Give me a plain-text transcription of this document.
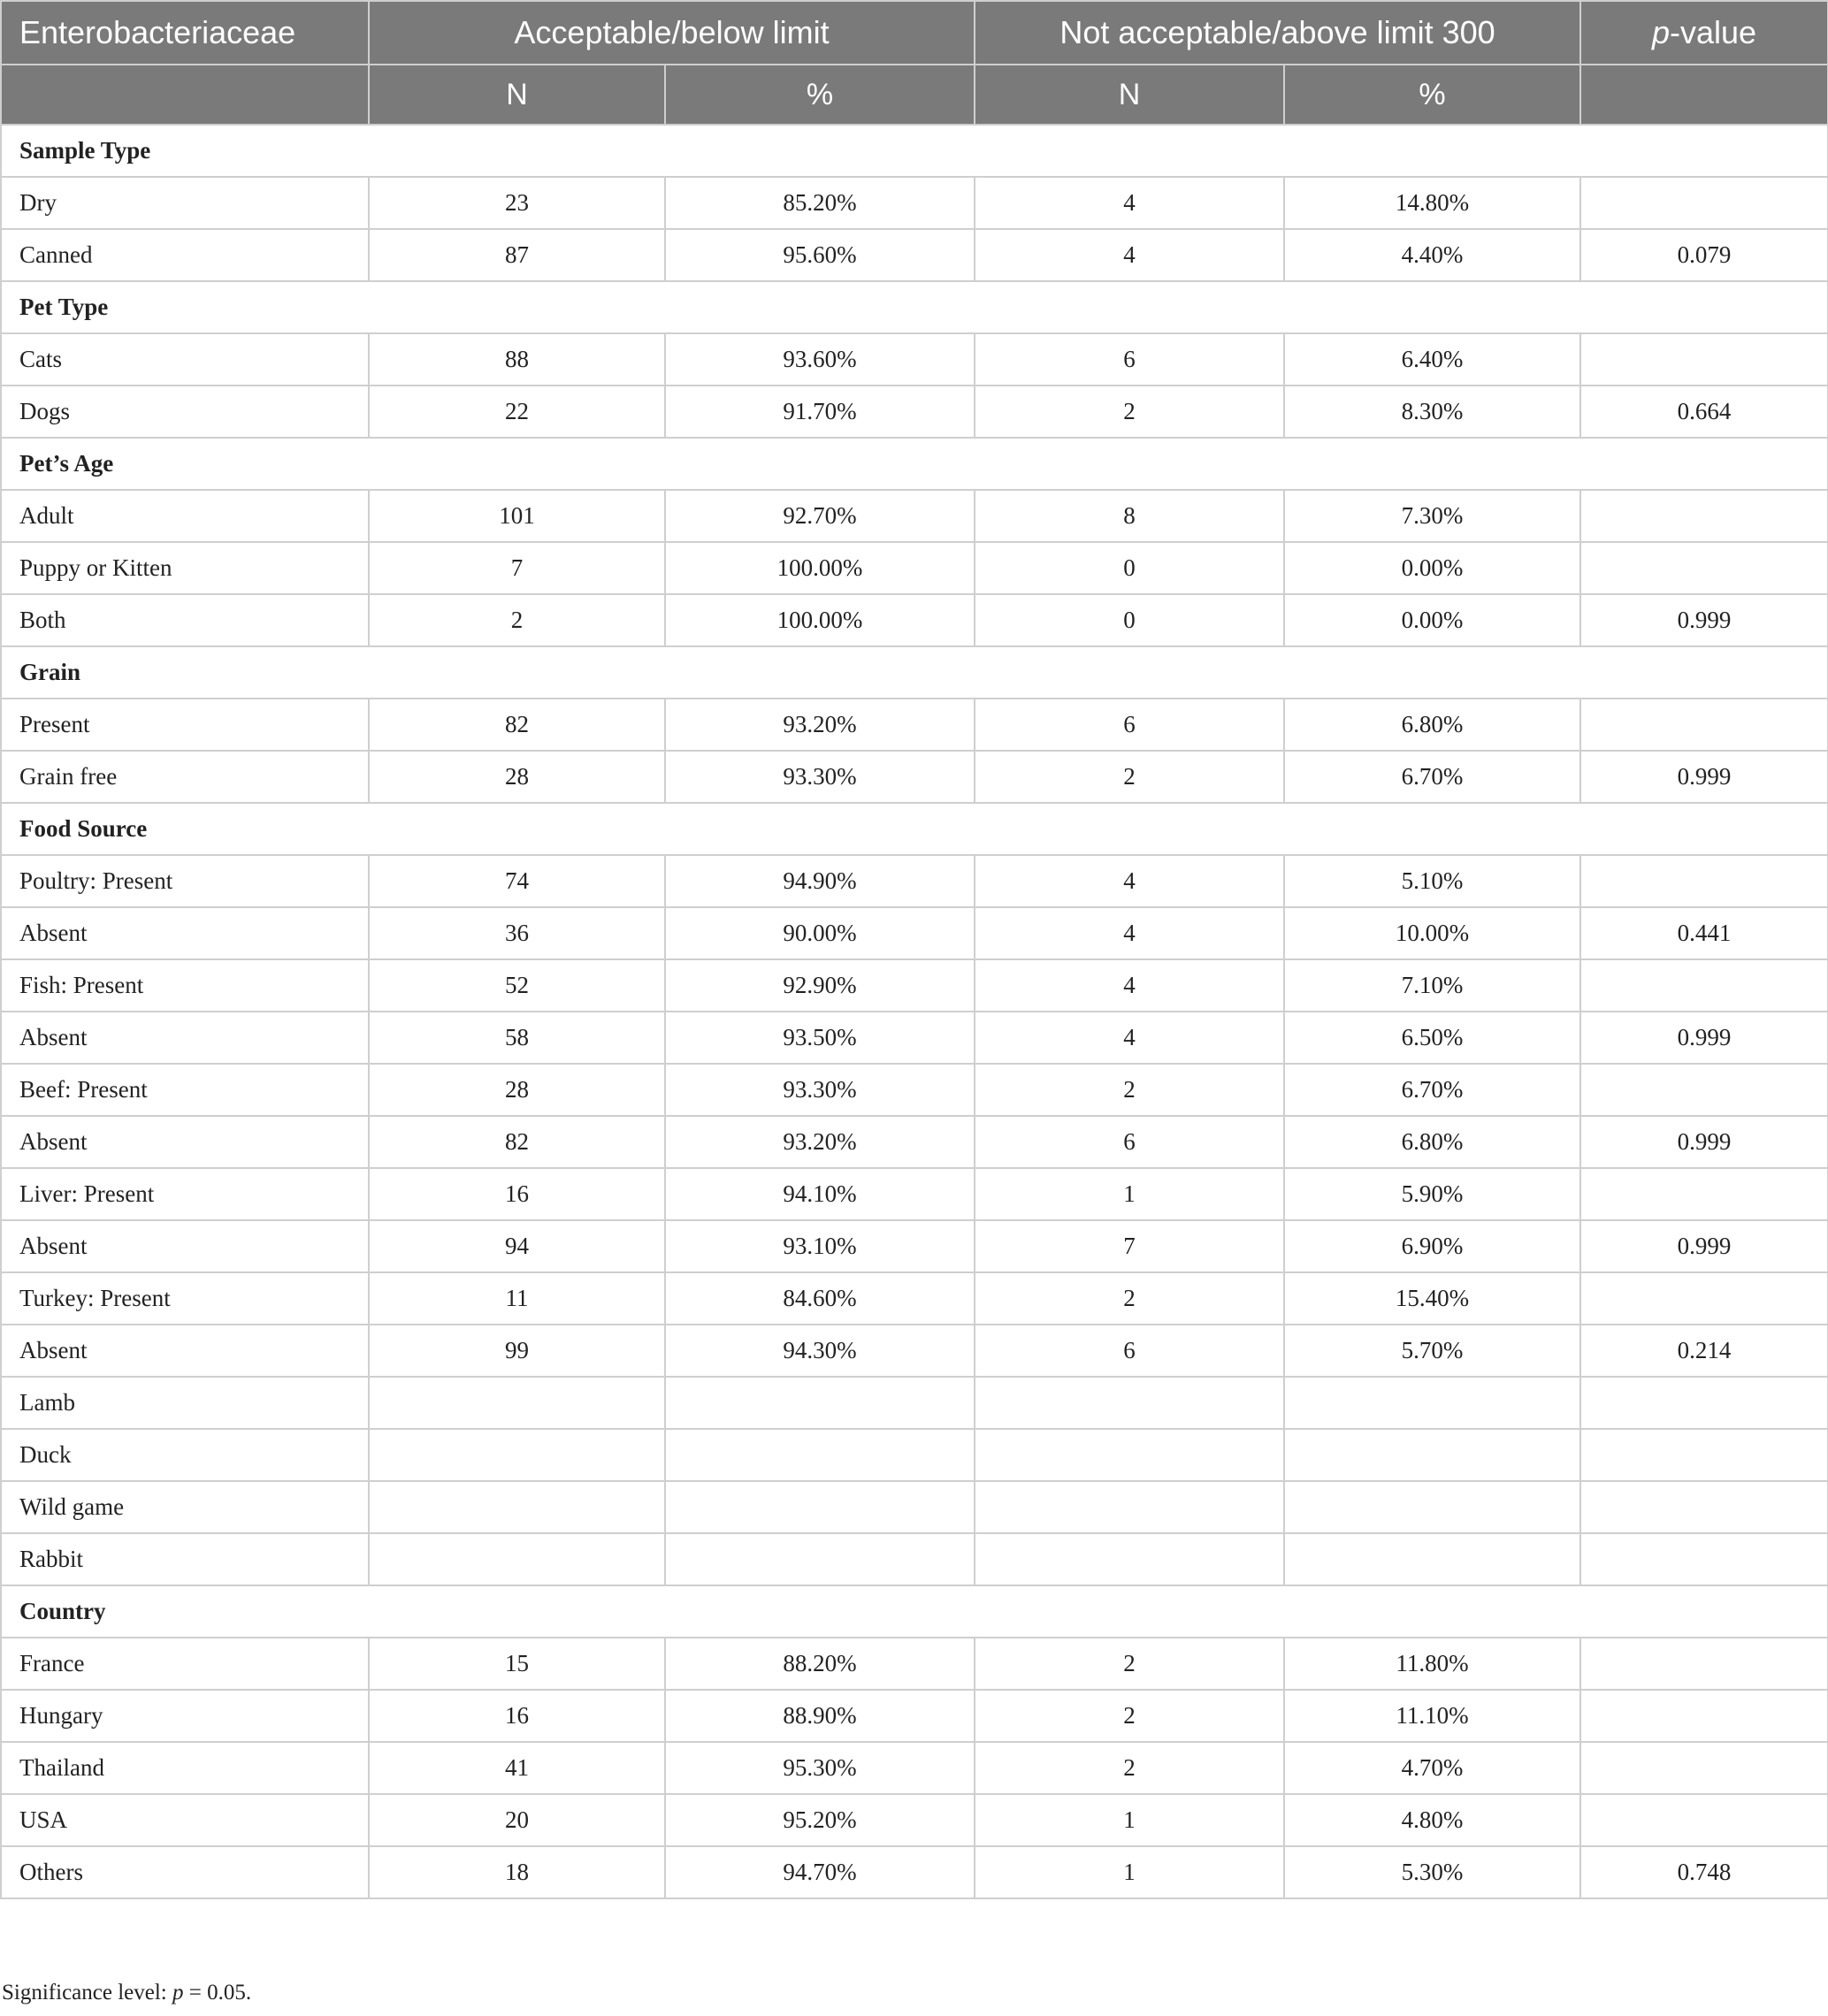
Enterobacteriaceae	Acceptable/below limit		Not acceptable/above limit 300		p-value
	N	%	N	%	
Sample Type					
Dry	23	85.20%	4	14.80%	
Canned	87	95.60%	4	4.40%	0.079
Pet Type					
Cats	88	93.60%	6	6.40%	
Dogs	22	91.70%	2	8.30%	0.664
Pet’s Age					
Adult	101	92.70%	8	7.30%	
Puppy or Kitten	7	100.00%	0	0.00%	
Both	2	100.00%	0	0.00%	0.999
Grain					
Present	82	93.20%	6	6.80%	
Grain free	28	93.30%	2	6.70%	0.999
Food Source					
Poultry: Present	74	94.90%	4	5.10%	
Absent	36	90.00%	4	10.00%	0.441
Fish: Present	52	92.90%	4	7.10%	
Absent	58	93.50%	4	6.50%	0.999
Beef: Present	28	93.30%	2	6.70%	
Absent	82	93.20%	6	6.80%	0.999
Liver: Present	16	94.10%	1	5.90%	
Absent	94	93.10%	7	6.90%	0.999
Turkey: Present	11	84.60%	2	15.40%	
Absent	99	94.30%	6	5.70%	0.214
Lamb					
Duck					
Wild game					
Rabbit					
Country					
France	15	88.20%	2	11.80%	
Hungary	16	88.90%	2	11.10%	
Thailand	41	95.30%	2	4.70%	
USA	20	95.20%	1	4.80%	
Others	18	94.70%	1	5.30%	0.748
Significance level: p = 0.05.
